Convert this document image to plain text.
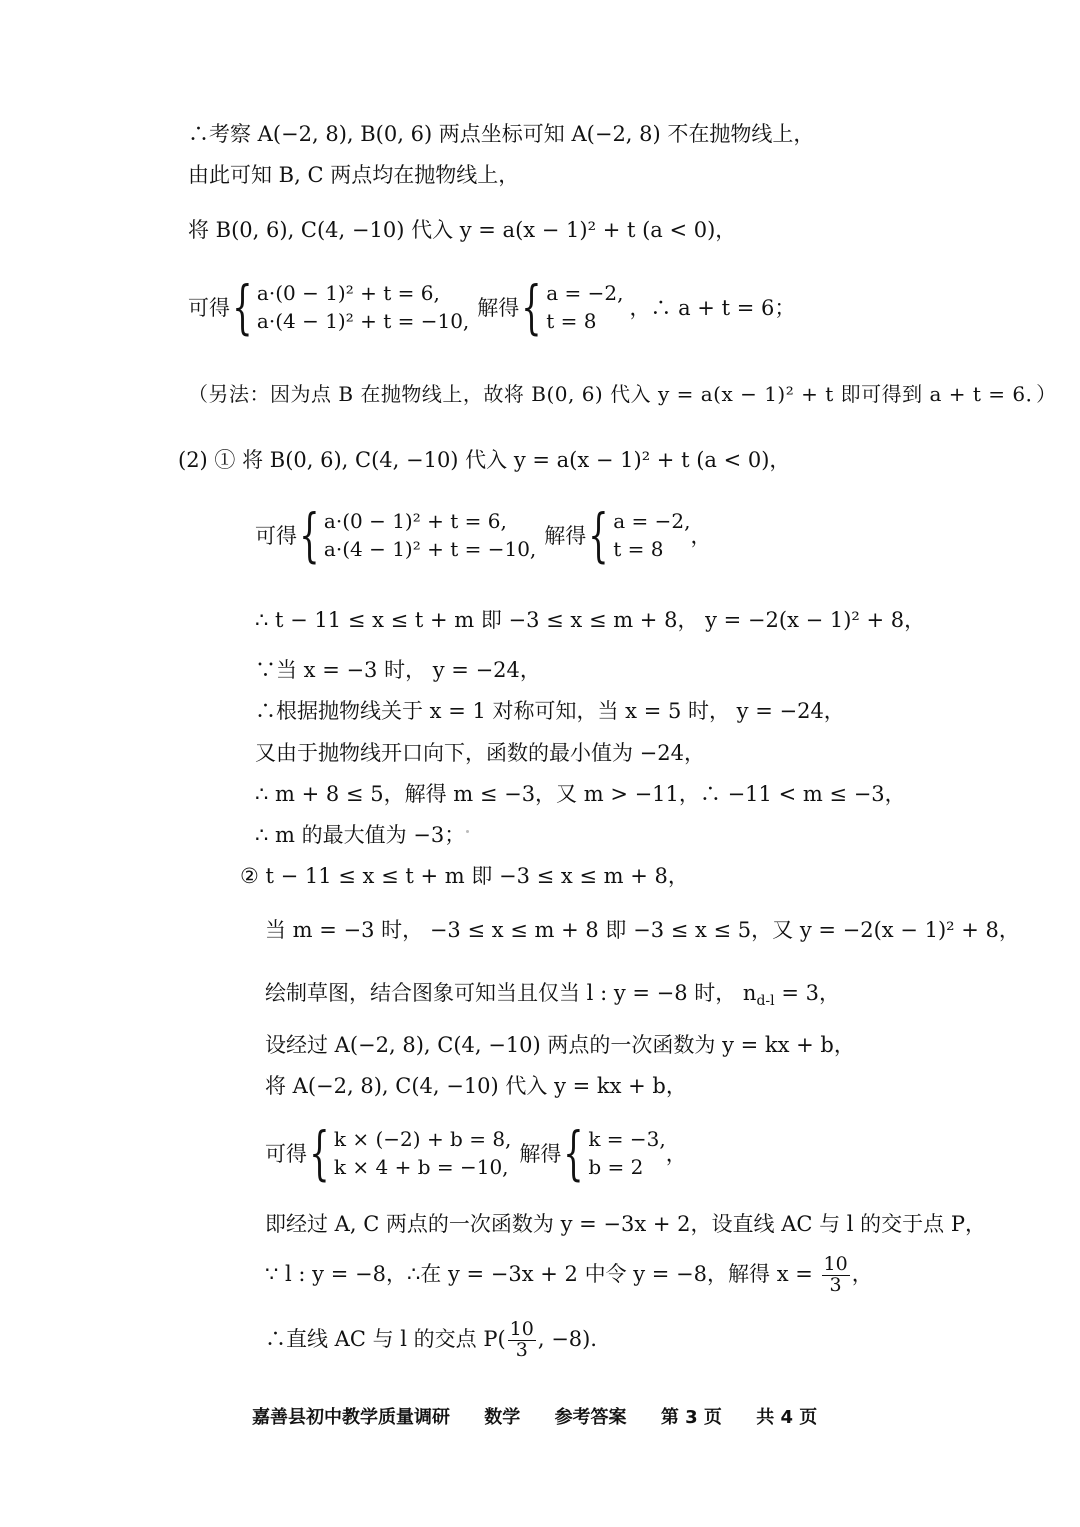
∴考察 A(−2, 8), B(0, 6) 两点坐标可知 A(−2, 8) 不在抛物线上，
由此可知 B, C 两点均在抛物线上，
将 B(0, 6), C(4, −10) 代入 y = a(x − 1)² + t (a < 0)，
可得 { a·(0 − 1)² + t = 6,
a·(4 − 1)² + t = −10,
解得 { a = −2,
t = 8
，∴ a + t = 6；
（另法：因为点 B 在抛物线上，故将 B(0, 6) 代入 y = a(x − 1)² + t 即可得到 a + t = 6．）
(2) ① 将 B(0, 6), C(4, −10) 代入 y = a(x − 1)² + t (a < 0)，
可得 { a·(0 − 1)² + t = 6,
a·(4 − 1)² + t = −10,
解得 { a = −2,
t = 8
，
∴ t − 11 ≤ x ≤ t + m 即 −3 ≤ x ≤ m + 8， y = −2(x − 1)² + 8，
∵当 x = −3 时， y = −24，
∴根据抛物线关于 x = 1 对称可知，当 x = 5 时， y = −24，
又由于抛物线开口向下，函数的最小值为 −24，
∴ m + 8 ≤ 5，解得 m ≤ −3，又 m > −11，∴ −11 < m ≤ −3，
∴ m 的最大值为 −3；
② t − 11 ≤ x ≤ t + m 即 −3 ≤ x ≤ m + 8，
当 m = −3 时， −3 ≤ x ≤ m + 8 即 −3 ≤ x ≤ 5，又 y = −2(x − 1)² + 8，
绘制草图，结合图象可知当且仅当 l : y = −8 时， $n_{d-l} = 3$，
设经过 A(−2, 8), C(4, −10) 两点的一次函数为 y = kx + b，
将 A(−2, 8), C(4, −10) 代入 y = kx + b，
可得 { k × (−2) + b = 8,
k × 4 + b = −10,
解得 { k = −3,
b = 2
，
即经过 A, C 两点的一次函数为 y = −3x + 2，设直线 AC 与 l 的交于点 P，
∵ l : y = −8，∴在 y = −3x + 2 中令 y = −8，解得 $x = \frac{10}{3}$ ，
∴直线 AC 与 l 的交点 $P( \frac{10}{3}$ , −8)．
嘉善县初中教学质量调研 数学 参考答案 第 3 页 共 4 页
